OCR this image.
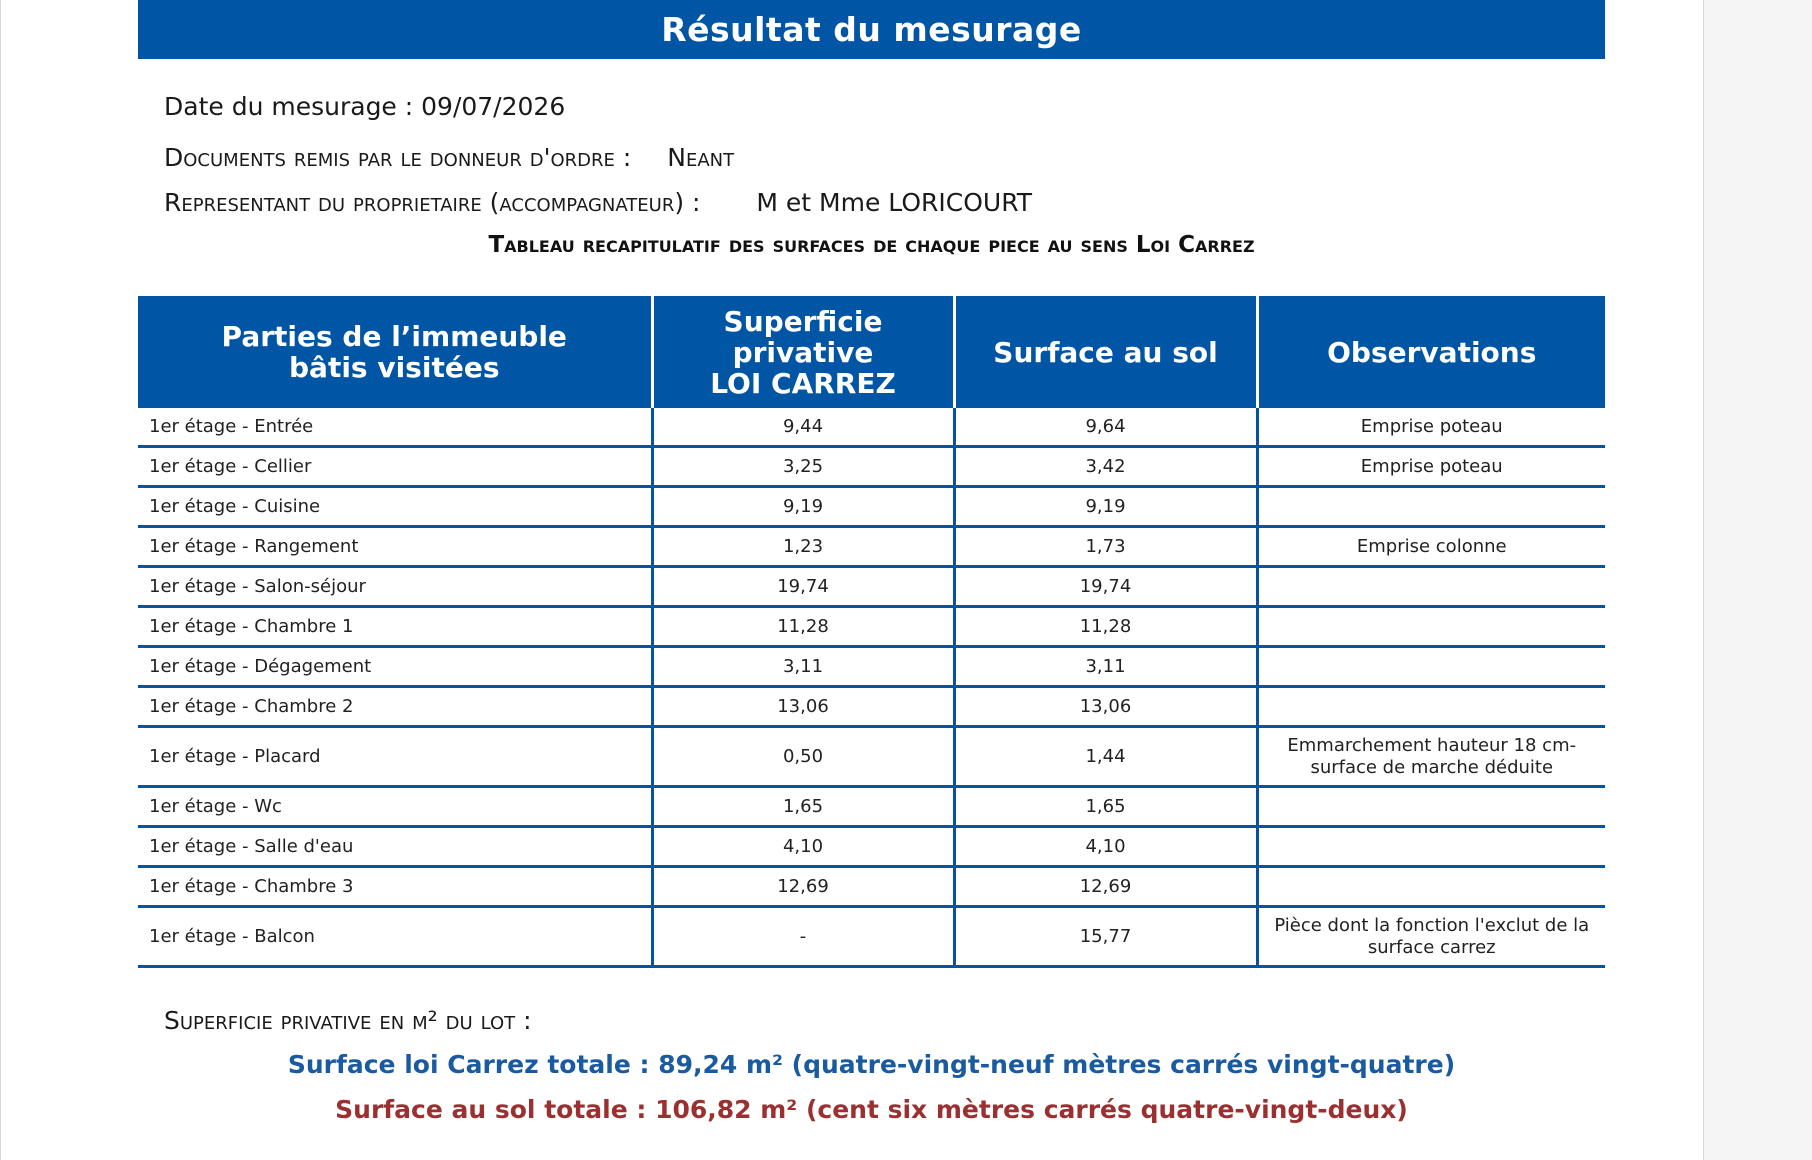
Résultat du mesurage
Date du mesurage : 09/07/2026
Documents remis par le donneur d'ordre : Neant
Representant du proprietaire (accompagnateur) : M et Mme LORICOURT
Tableau recapitulatif des surfaces de chaque piece au sens Loi Carrez
Parties de l’immeuble bâtis visitées	Superficie privative LOI CARREZ	Surface au sol	Observations
1er étage - Entrée	9,44	9,64	Emprise poteau
1er étage - Cellier	3,25	3,42	Emprise poteau
1er étage - Cuisine	9,19	9,19	
1er étage - Rangement	1,23	1,73	Emprise colonne
1er étage - Salon-séjour	19,74	19,74	
1er étage - Chambre 1	11,28	11,28	
1er étage - Dégagement	3,11	3,11	
1er étage - Chambre 2	13,06	13,06	
1er étage - Placard	0,50	1,44	Emmarchement hauteur 18 cm- surface de marche déduite
1er étage - Wc	1,65	1,65	
1er étage - Salle d'eau	4,10	4,10	
1er étage - Chambre 3	12,69	12,69	
1er étage - Balcon	-	15,77	Pièce dont la fonction l'exclut de la surface carrez
Superficie privative en m² du lot :
Surface loi Carrez totale : 89,24 m² (quatre-vingt-neuf mètres carrés vingt-quatre)
Surface au sol totale : 106,82 m² (cent six mètres carrés quatre-vingt-deux)
